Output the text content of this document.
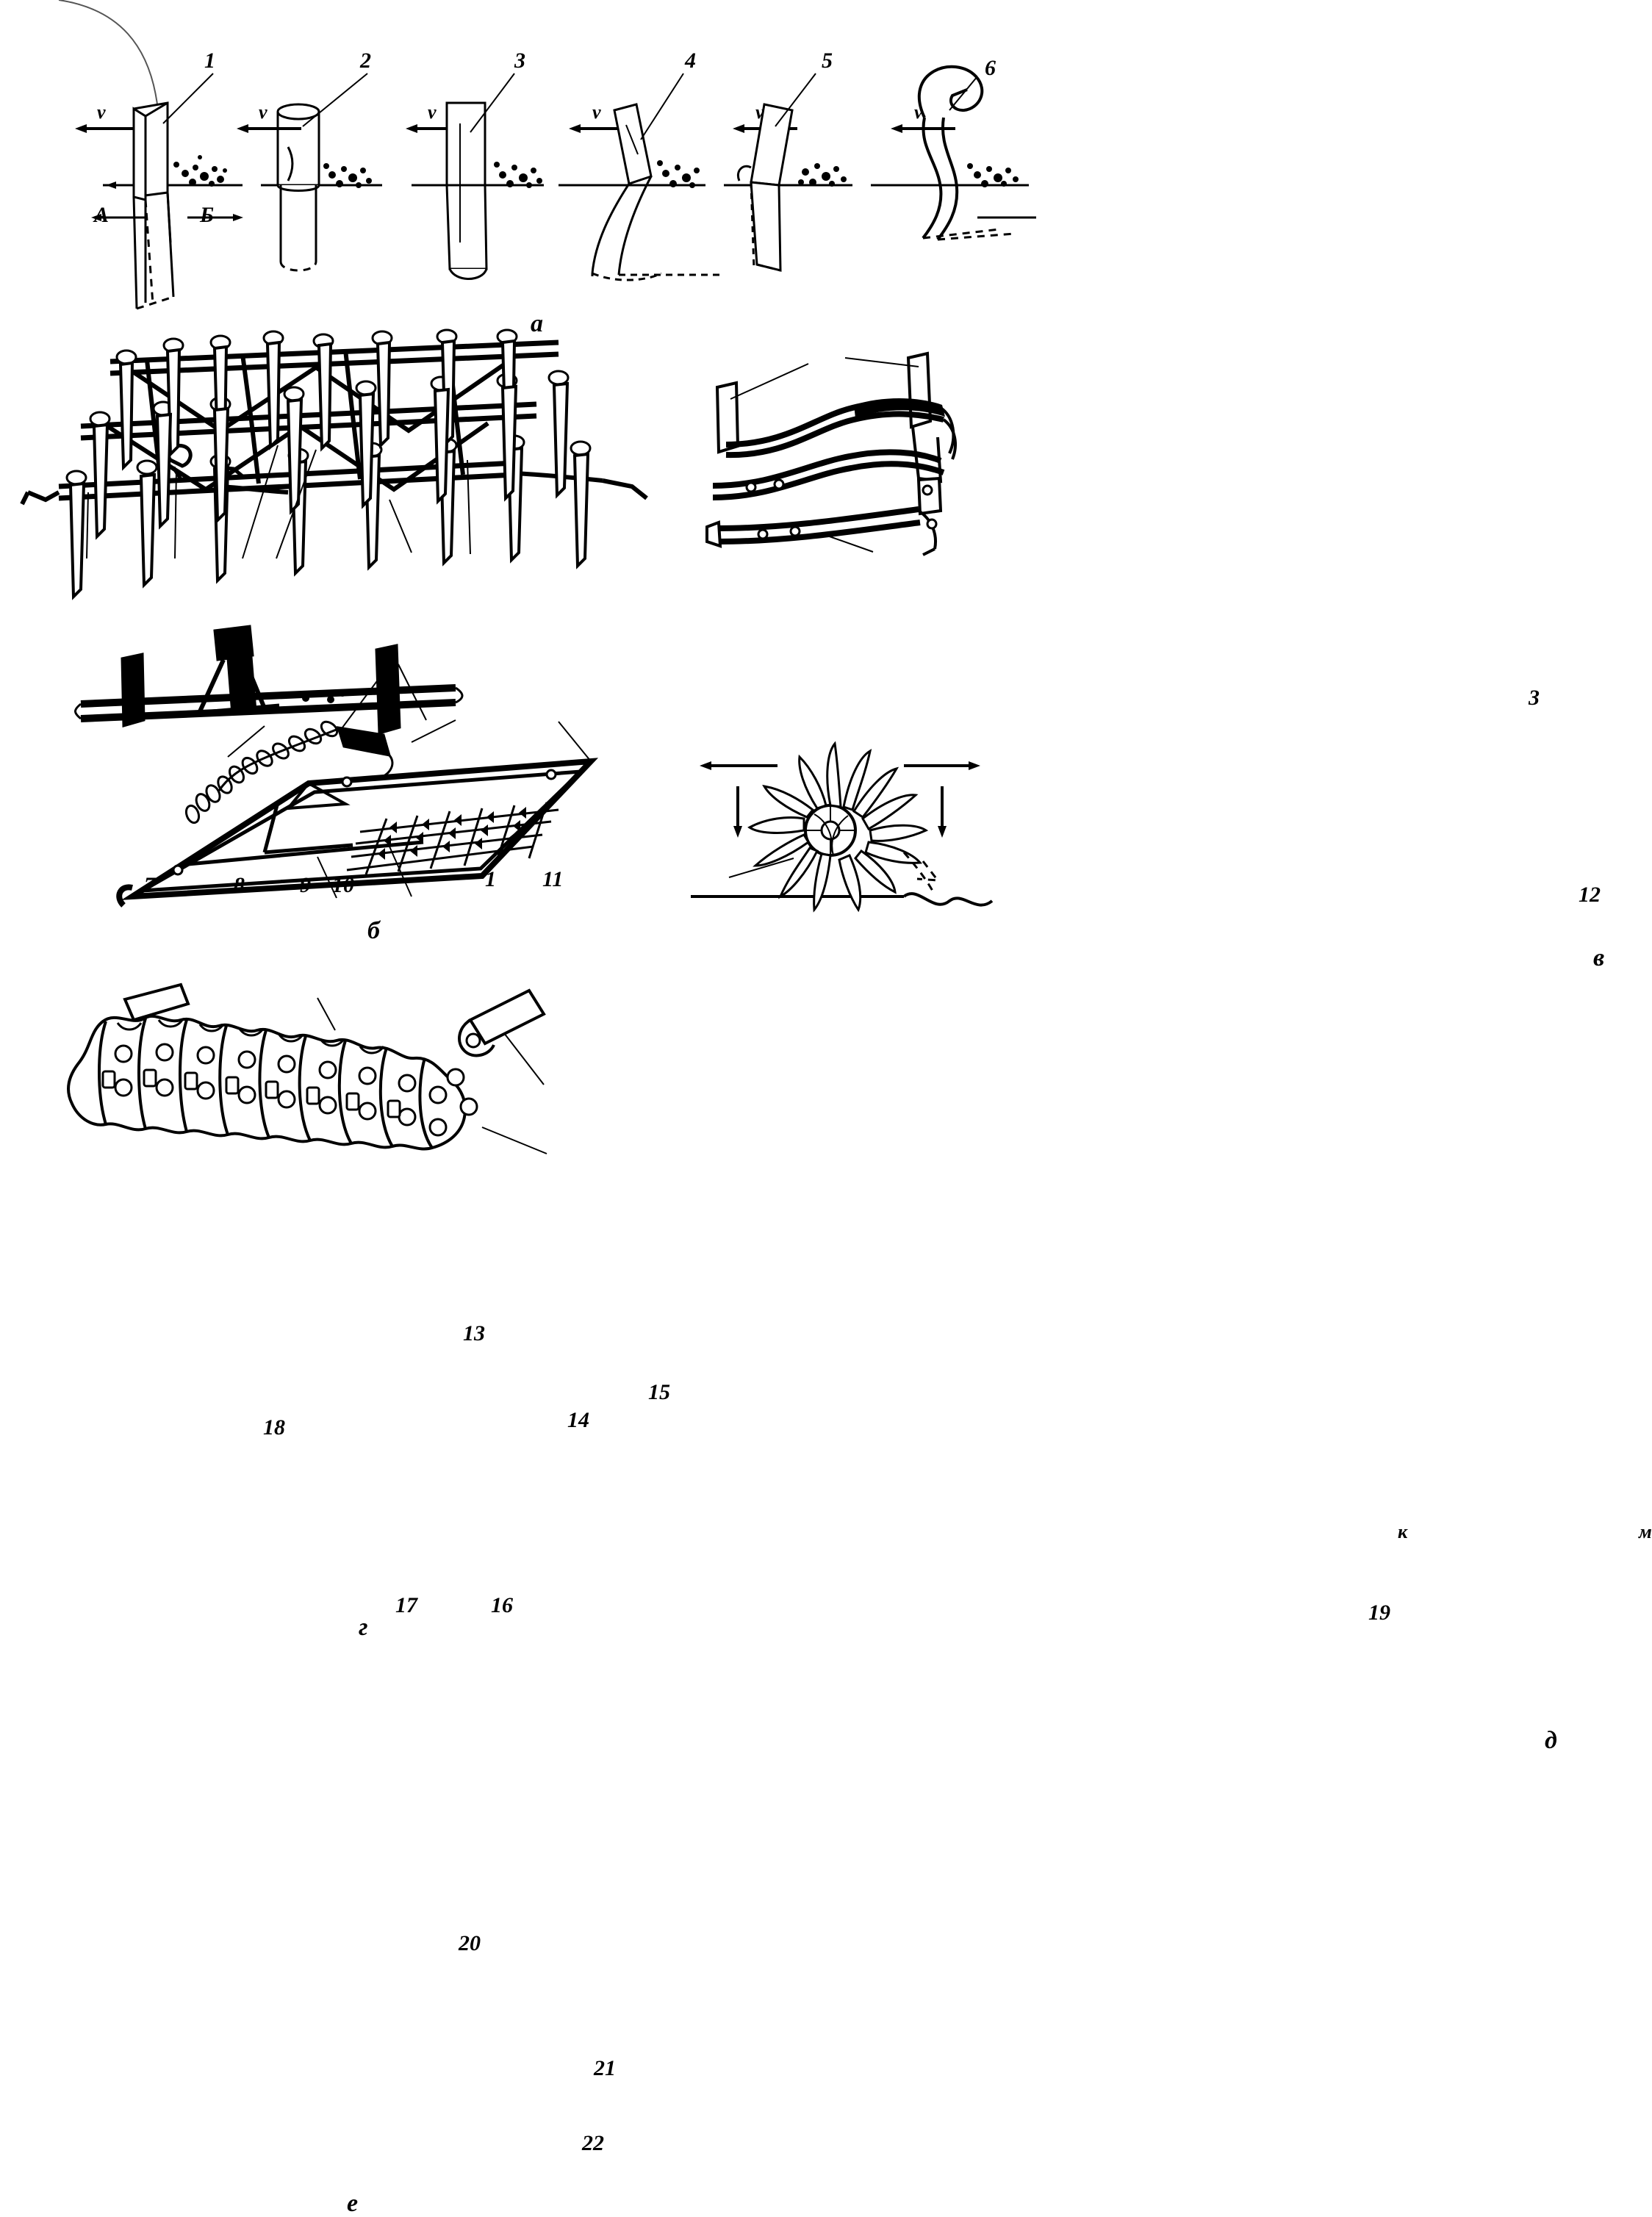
1	2	3	4	5	6
v	v	v	v	v	v
А	Б
а
7	8	9 10	1 11
б
3
12
в
13
14
15
16
17
18
г
19
к	м
д
20
21
22
е
